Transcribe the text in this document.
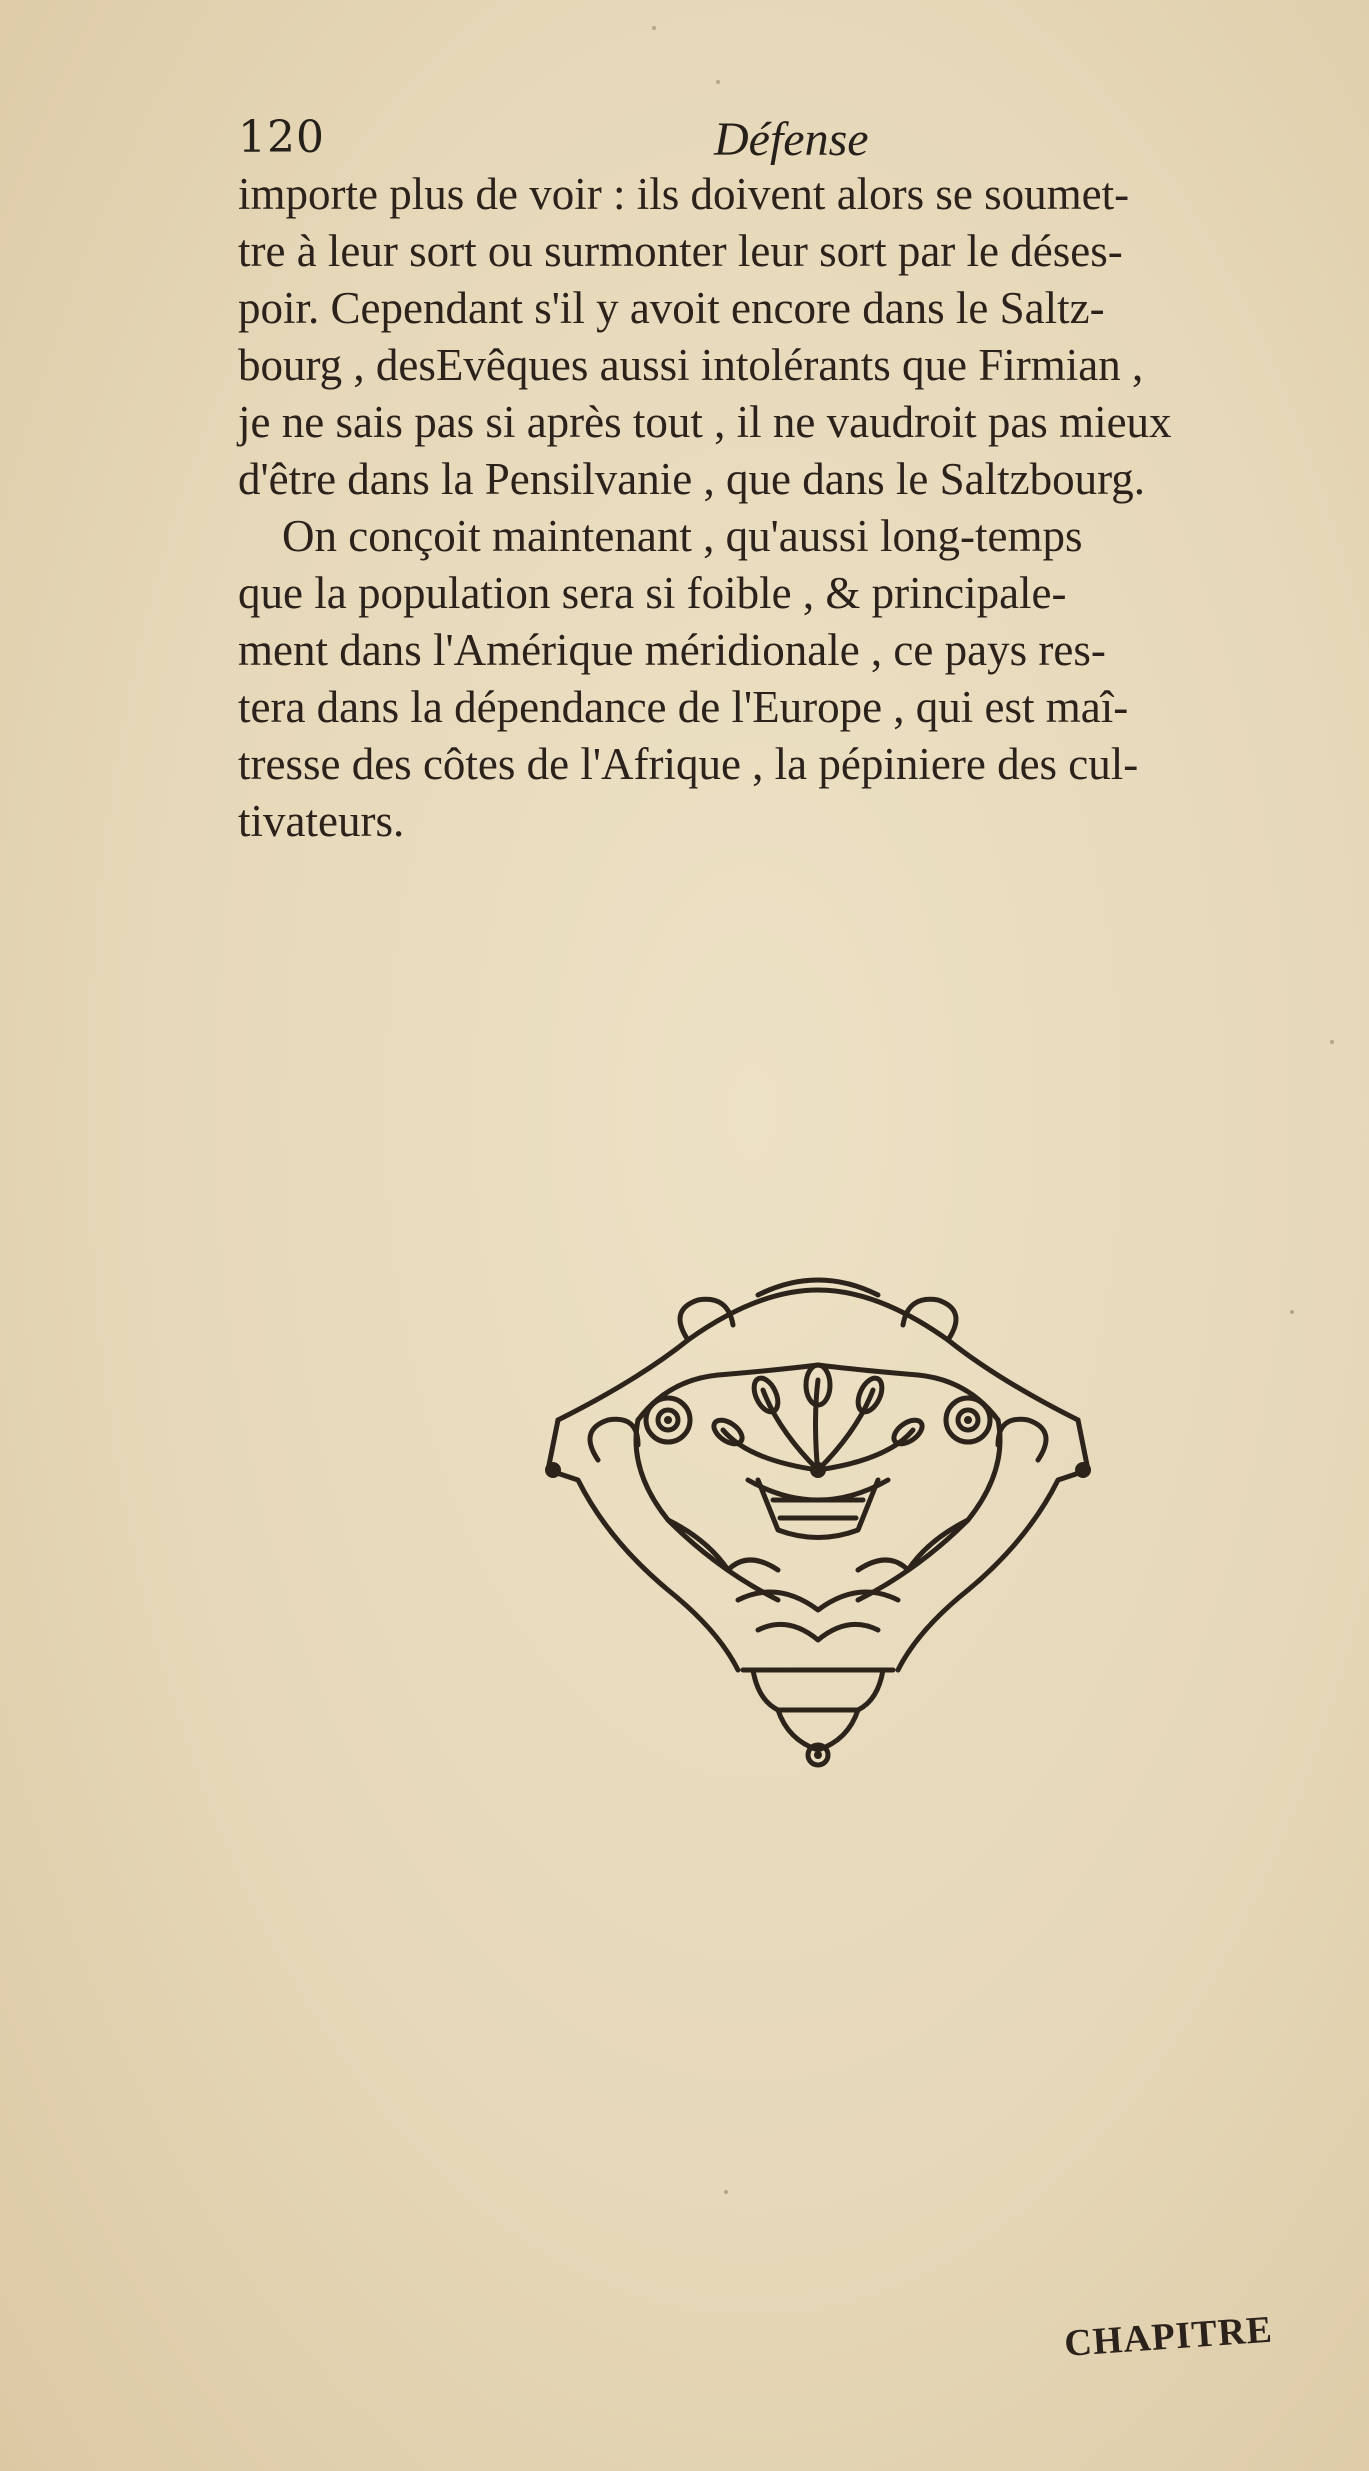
120	Défense
importe plus de voir : ils doivent alors se soumet-
tre à leur sort ou surmonter leur sort par le déses-
poir. Cependant s'il y avoit encore dans le Saltz-
bourg , desEvêques aussi intolérants que Firmian ,
je ne sais pas si après tout , il ne vaudroit pas mieux
d'être dans la Pensilvanie , que dans le Saltzbourg.
On conçoit maintenant , qu'aussi long-temps
que la population sera si foible , & principale-
ment dans l'Amérique méridionale , ce pays res-
tera dans la dépendance de l'Europe , qui est maî-
tresse des côtes de l'Afrique , la pépiniere des cul-
tivateurs.
CHAPITRE
